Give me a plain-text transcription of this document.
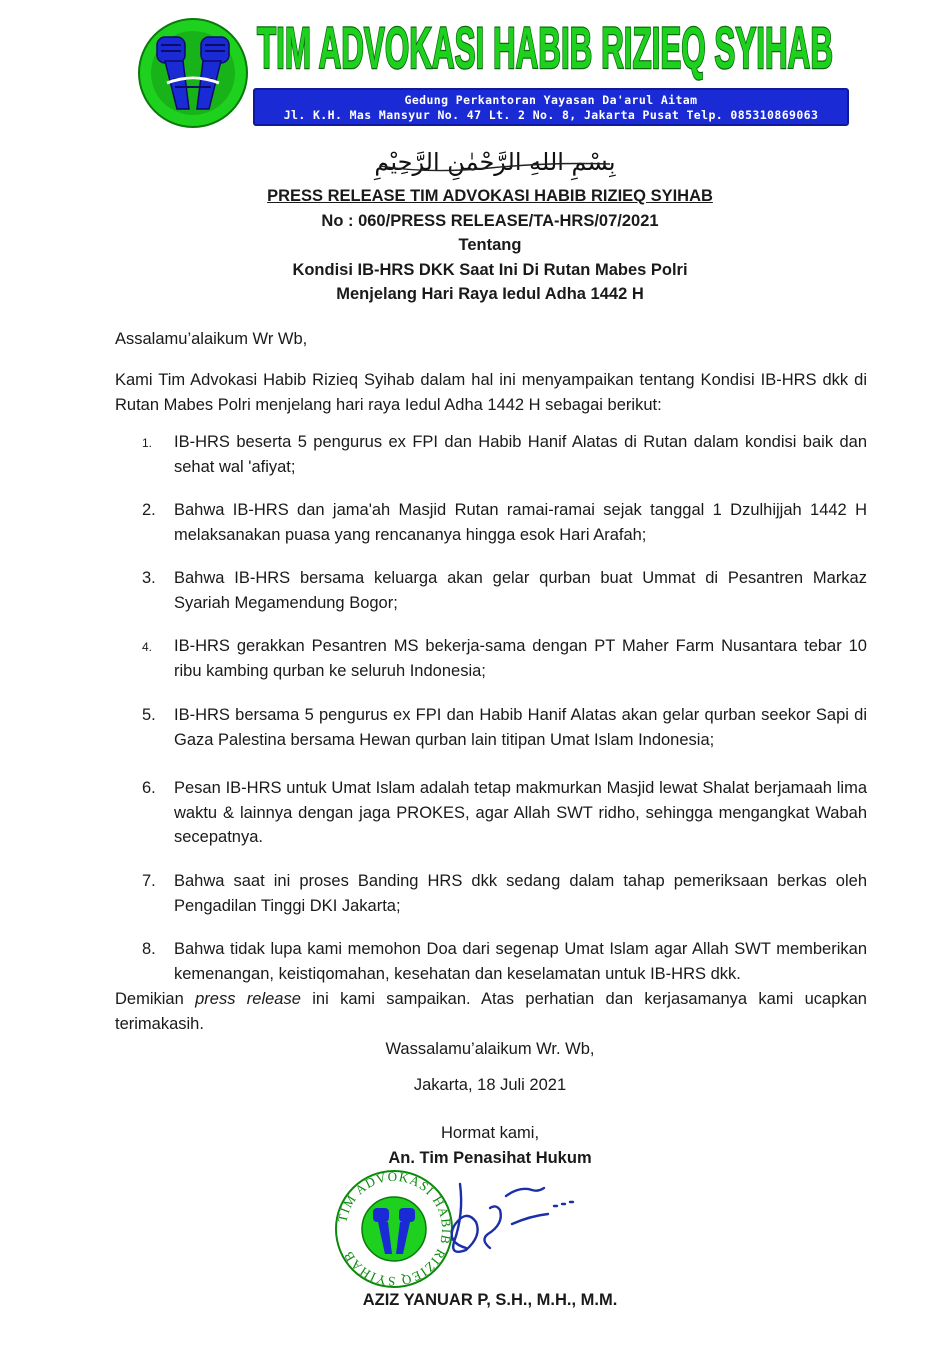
TIM ADVOKASI HABIB RIZIEQ SYIHAB
Gedung Perkantoran Yayasan Da'arul Aitam
Jl. K.H. Mas Mansyur No. 47 Lt. 2 No. 8, Jakarta Pusat Telp. 085310869063
بِسْمِ اللهِ الرَّحْمٰنِ الرَّحِيْمِ
PRESS RELEASE TIM ADVOKASI HABIB RIZIEQ SYIHAB
No : 060/PRESS RELEASE/TA-HRS/07/2021
Tentang
Kondisi IB-HRS DKK Saat Ini Di Rutan Mabes Polri
Menjelang Hari Raya Iedul Adha 1442 H
Assalamu’alaikum Wr Wb,
Kami Tim Advokasi Habib Rizieq Syihab dalam hal ini menyampaikan tentang Kondisi IB-HRS dkk di Rutan Mabes Polri menjelang hari raya Iedul Adha 1442 H sebagai berikut:
1. IB-HRS beserta 5 pengurus ex FPI dan Habib Hanif Alatas di Rutan dalam kondisi baik dan sehat wal 'afiyat;
2. Bahwa IB-HRS dan jama'ah Masjid Rutan ramai-ramai sejak tanggal 1 Dzulhijjah 1442 H melaksanakan puasa yang rencananya hingga esok Hari Arafah;
3. Bahwa IB-HRS bersama keluarga akan gelar qurban buat Ummat di Pesantren Markaz Syariah Megamendung Bogor;
4. IB-HRS gerakkan Pesantren MS bekerja-sama dengan PT Maher Farm Nusantara tebar 10 ribu kambing qurban ke seluruh Indonesia;
5. IB-HRS bersama 5 pengurus ex FPI dan Habib Hanif Alatas akan gelar qurban seekor Sapi di Gaza Palestina bersama Hewan qurban lain titipan Umat Islam Indonesia;
6. Pesan IB-HRS untuk Umat Islam adalah tetap makmurkan Masjid lewat Shalat berjamaah lima waktu & lainnya dengan jaga PROKES, agar Allah SWT ridho, sehingga mengangkat Wabah secepatnya.
7. Bahwa saat ini proses Banding HRS dkk sedang dalam tahap pemeriksaan berkas oleh Pengadilan Tinggi DKI Jakarta;
8. Bahwa tidak lupa kami memohon Doa dari segenap Umat Islam agar Allah SWT memberikan kemenangan, keistiqomahan, kesehatan dan keselamatan untuk IB-HRS dkk.
Demikian press release ini kami sampaikan. Atas perhatian dan kerjasamanya kami ucapkan terimakasih.
Wassalamu’alaikum Wr. Wb,
Jakarta, 18 Juli 2021
Hormat kami,
An. Tim Penasihat Hukum
TIM ADVOKASI HABIB RIZIEQ SYIHAB
AZIZ YANUAR P, S.H., M.H., M.M.
